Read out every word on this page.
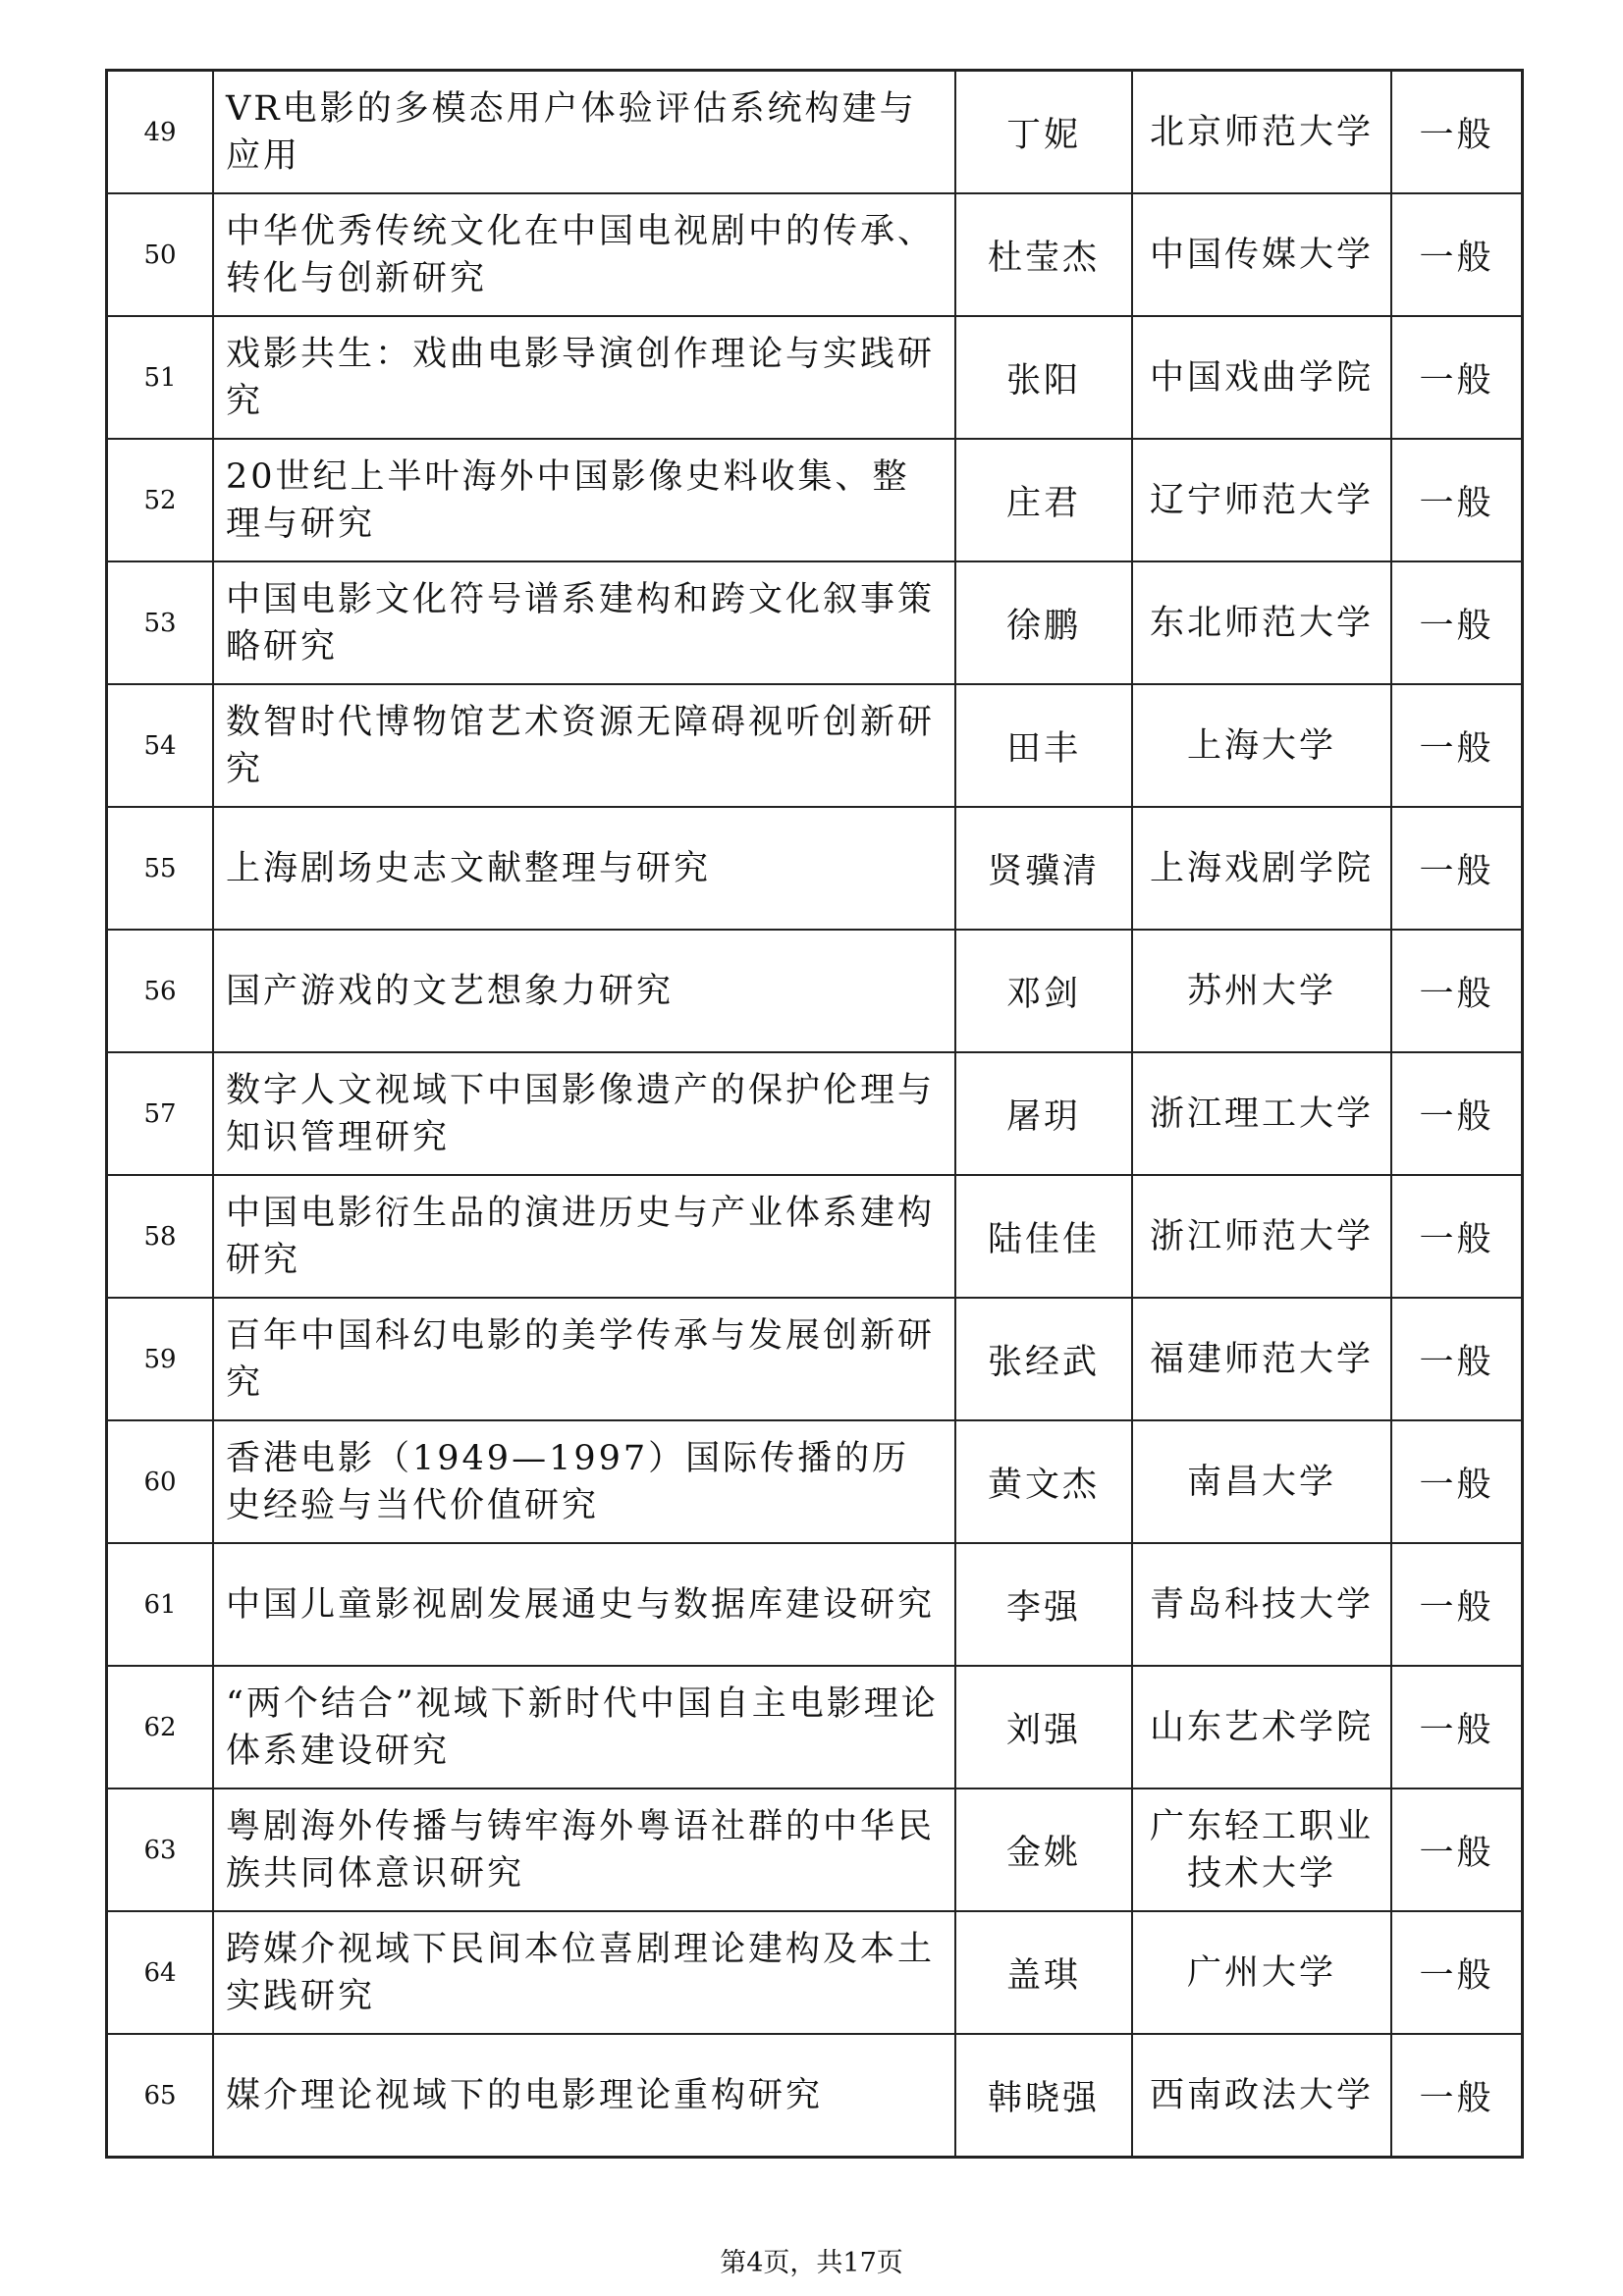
49	VR电影的多模态用户体验评估系统构建与应用	丁妮	北京师范大学	一般
50	中华优秀传统文化在中国电视剧中的传承、转化与创新研究	杜莹杰	中国传媒大学	一般
51	戏影共生：戏曲电影导演创作理论与实践研究	张阳	中国戏曲学院	一般
52	20世纪上半叶海外中国影像史料收集、整理与研究	庄君	辽宁师范大学	一般
53	中国电影文化符号谱系建构和跨文化叙事策略研究	徐鹏	东北师范大学	一般
54	数智时代博物馆艺术资源无障碍视听创新研究	田丰	上海大学	一般
55	上海剧场史志文献整理与研究	贤骥清	上海戏剧学院	一般
56	国产游戏的文艺想象力研究	邓剑	苏州大学	一般
57	数字人文视域下中国影像遗产的保护伦理与知识管理研究	屠玥	浙江理工大学	一般
58	中国电影衍生品的演进历史与产业体系建构研究	陆佳佳	浙江师范大学	一般
59	百年中国科幻电影的美学传承与发展创新研究	张经武	福建师范大学	一般
60	香港电影（1949—1997）国际传播的历史经验与当代价值研究	黄文杰	南昌大学	一般
61	中国儿童影视剧发展通史与数据库建设研究	李强	青岛科技大学	一般
62	“两个结合”视域下新时代中国自主电影理论体系建设研究	刘强	山东艺术学院	一般
63	粤剧海外传播与铸牢海外粤语社群的中华民族共同体意识研究	金姚	广东轻工职业技术大学	一般
64	跨媒介视域下民间本位喜剧理论建构及本土实践研究	盖琪	广州大学	一般
65	媒介理论视域下的电影理论重构研究	韩晓强	西南政法大学	一般
第4页，共17页
